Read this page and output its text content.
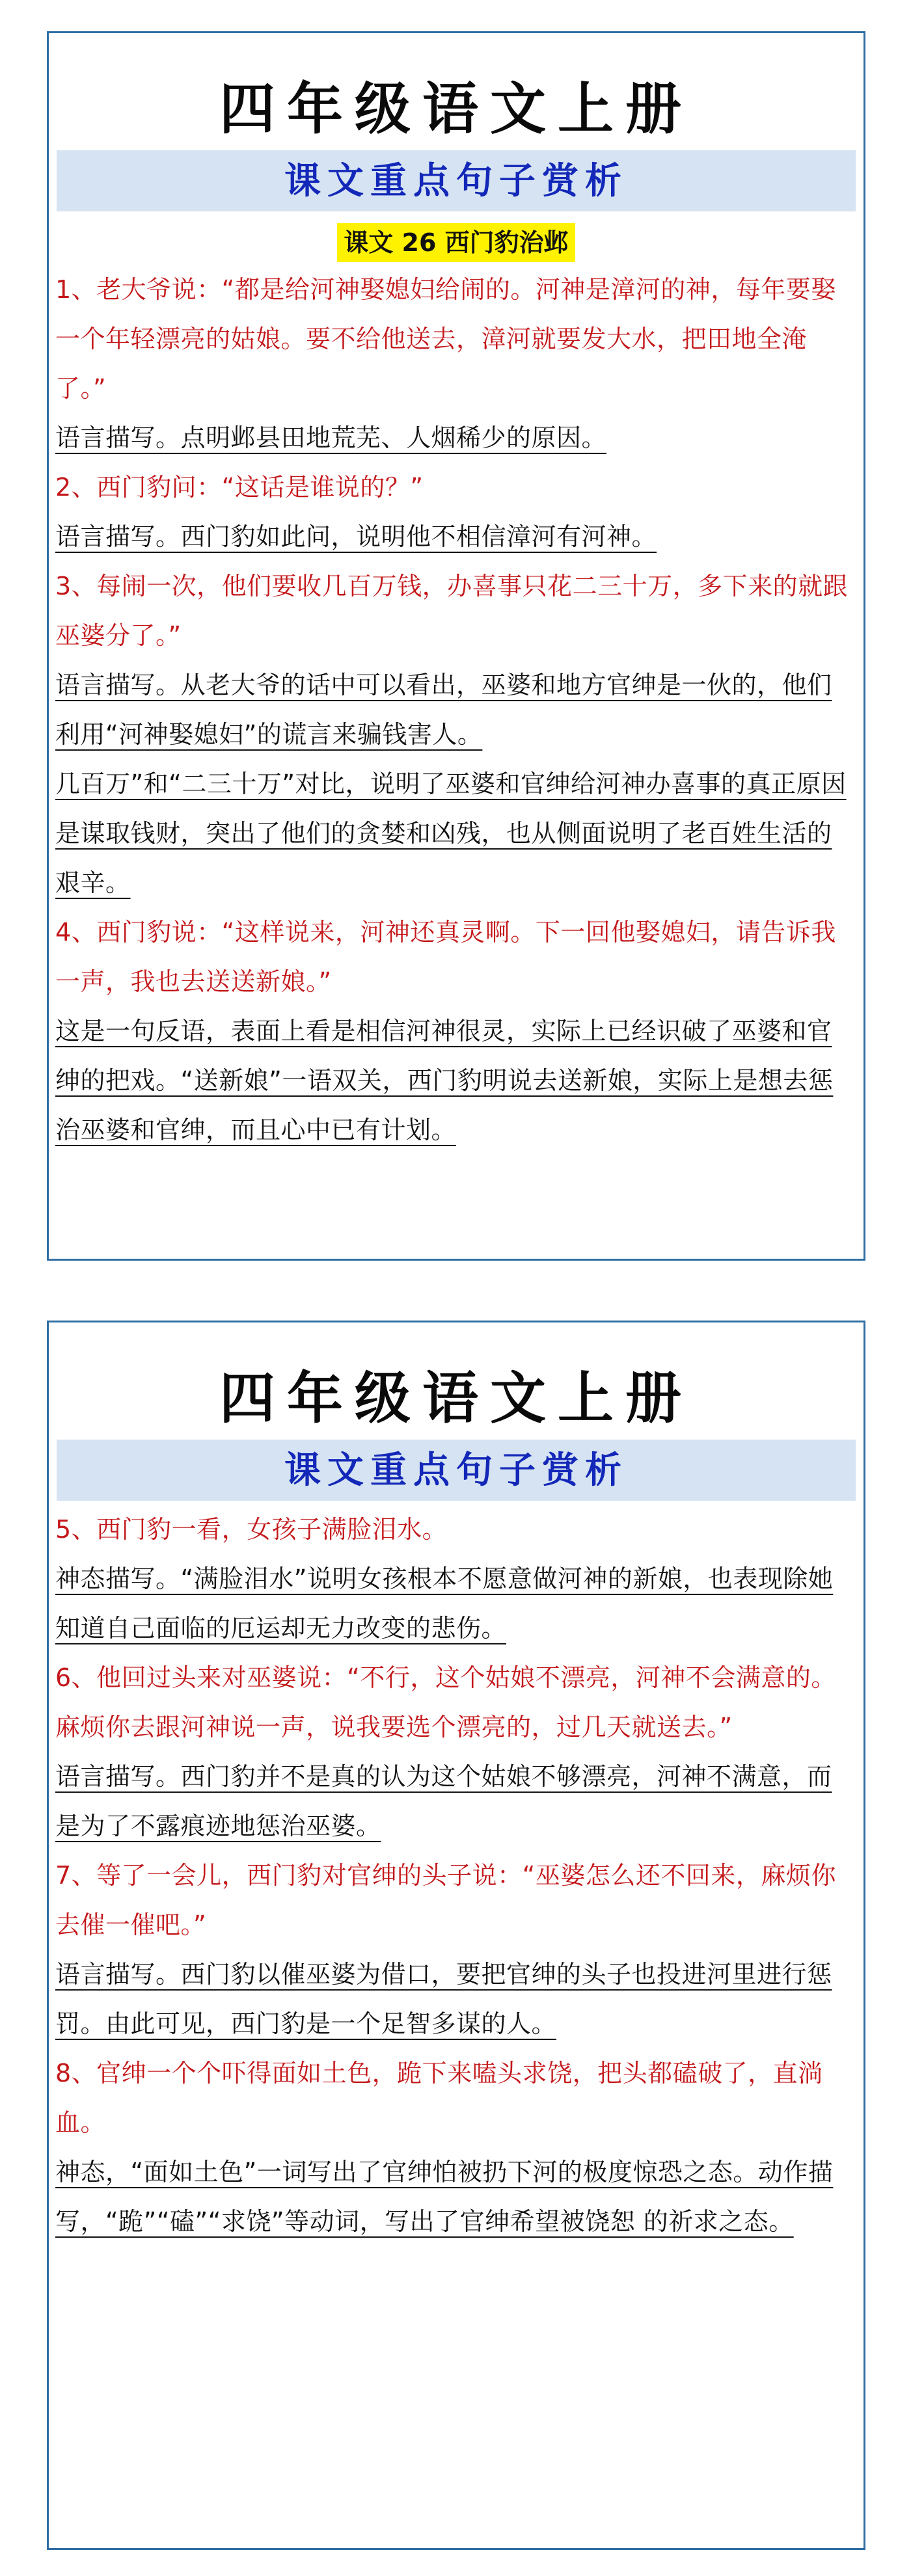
四年级语文上册
课文重点句子赏析
课文 26 西门豹治邺

1、老大爷说：“都是给河神娶媳妇给闹的。河神是漳河的神，每年要娶一个年轻漂亮的姑娘。要不给他送去，漳河就要发大水，把田地全淹了。”

语言描写。点明邺县田地荒芜、人烟稀少的原因。

2、西门豹问：“这话是谁说的？”

语言描写。西门豹如此问，说明他不相信漳河有河神。

3、每闹一次，他们要收几百万钱，办喜事只花二三十万，多下来的就跟巫婆分了。”

语言描写。从老大爷的话中可以看出，巫婆和地方官绅是一伙的，他们利用“河神娶媳妇”的谎言来骗钱害人。

几百万”和“二三十万”对比，说明了巫婆和官绅给河神办喜事的真正原因是谋取钱财，突出了他们的贪婪和凶残，也从侧面说明了老百姓生活的艰辛。

4、西门豹说：“这样说来，河神还真灵啊。下一回他娶媳妇，请告诉我一声，我也去送送新娘。”

这是一句反语，表面上看是相信河神很灵，实际上已经识破了巫婆和官绅的把戏。“送新娘”一语双关，西门豹明说去送新娘，实际上是想去惩治巫婆和官绅，而且心中已有计划。

四年级语文上册
课文重点句子赏析

5、西门豹一看，女孩子满脸泪水。

神态描写。“满脸泪水”说明女孩根本不愿意做河神的新娘，也表现除她知道自己面临的厄运却无力改变的悲伤。

6、他回过头来对巫婆说：“不行，这个姑娘不漂亮，河神不会满意的。麻烦你去跟河神说一声，说我要选个漂亮的，过几天就送去。”

语言描写。西门豹并不是真的认为这个姑娘不够漂亮，河神不满意，而是为了不露痕迹地惩治巫婆。

7、等了一会儿，西门豹对官绅的头子说：“巫婆怎么还不回来，麻烦你去催一催吧。”

语言描写。西门豹以催巫婆为借口，要把官绅的头子也投进河里进行惩罚。由此可见，西门豹是一个足智多谋的人。

8、官绅一个个吓得面如土色，跪下来嗑头求饶，把头都磕破了，直淌血。

神态，“面如土色”一词写出了官绅怕被扔下河的极度惊恐之态。动作描写，“跪”“磕”“求饶”等动词，写出了官绅希望被饶恕 的祈求之态。
